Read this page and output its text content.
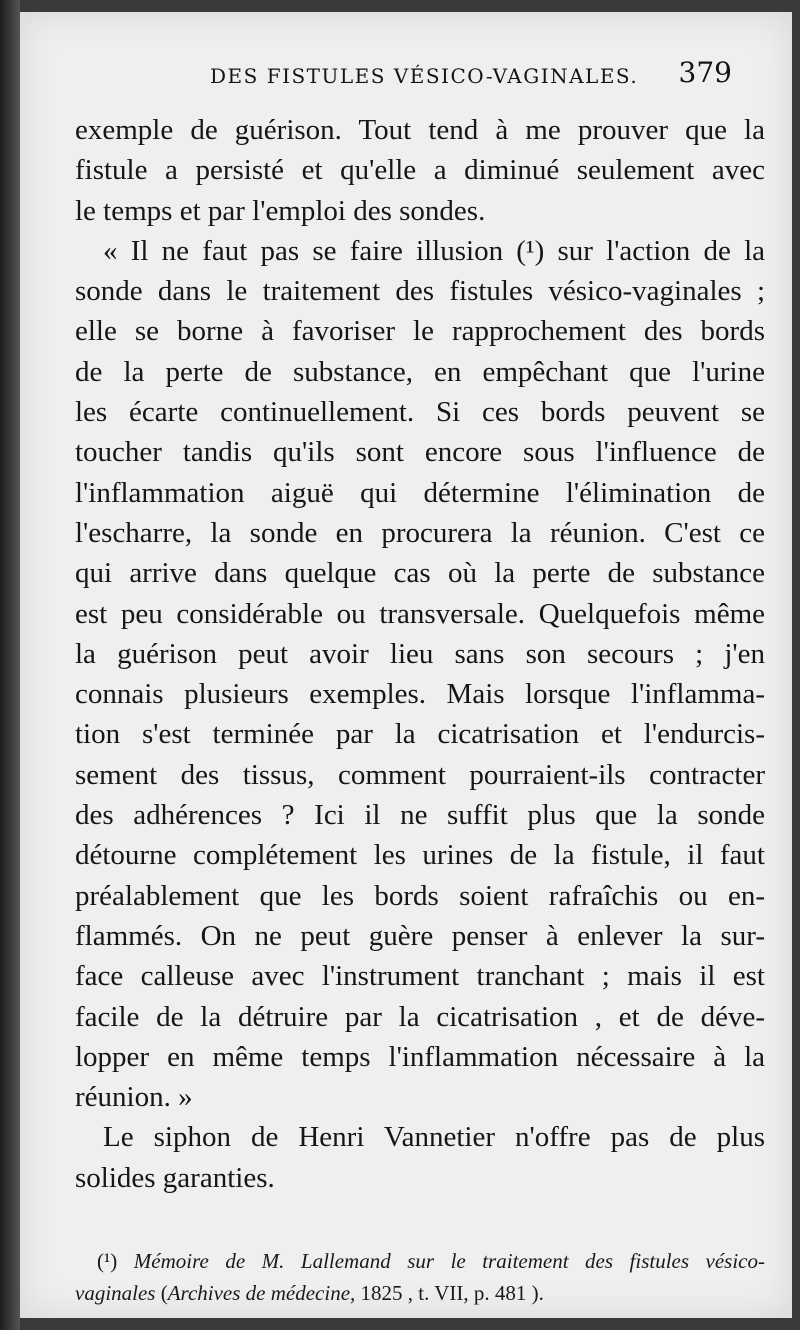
DES FISTULES VÉSICO-VAGINALES. 379
exemple de guérison. Tout tend à me prouver que la
fistule a persisté et qu'elle a diminué seulement avec
le temps et par l'emploi des sondes.
« Il ne faut pas se faire illusion (¹) sur l'action de la
sonde dans le traitement des fistules vésico-vaginales ;
elle se borne à favoriser le rapprochement des bords
de la perte de substance, en empêchant que l'urine
les écarte continuellement. Si ces bords peuvent se
toucher tandis qu'ils sont encore sous l'influence de
l'inflammation aiguë qui détermine l'élimination de
l'escharre, la sonde en procurera la réunion. C'est ce
qui arrive dans quelque cas où la perte de substance
est peu considérable ou transversale. Quelquefois même
la guérison peut avoir lieu sans son secours ; j'en
connais plusieurs exemples. Mais lorsque l'inflamma-
tion s'est terminée par la cicatrisation et l'endurcis-
sement des tissus, comment pourraient-ils contracter
des adhérences ? Ici il ne suffit plus que la sonde
détourne complétement les urines de la fistule, il faut
préalablement que les bords soient rafraîchis ou en-
flammés. On ne peut guère penser à enlever la sur-
face calleuse avec l'instrument tranchant ; mais il est
facile de la détruire par la cicatrisation , et de déve-
lopper en même temps l'inflammation nécessaire à la
réunion. »
Le siphon de Henri Vannetier n'offre pas de plus
solides garanties.
(¹) Mémoire de M. Lallemand sur le traitement des fistules vésico-
vaginales (Archives de médecine, 1825 , t. VII, p. 481 ).
